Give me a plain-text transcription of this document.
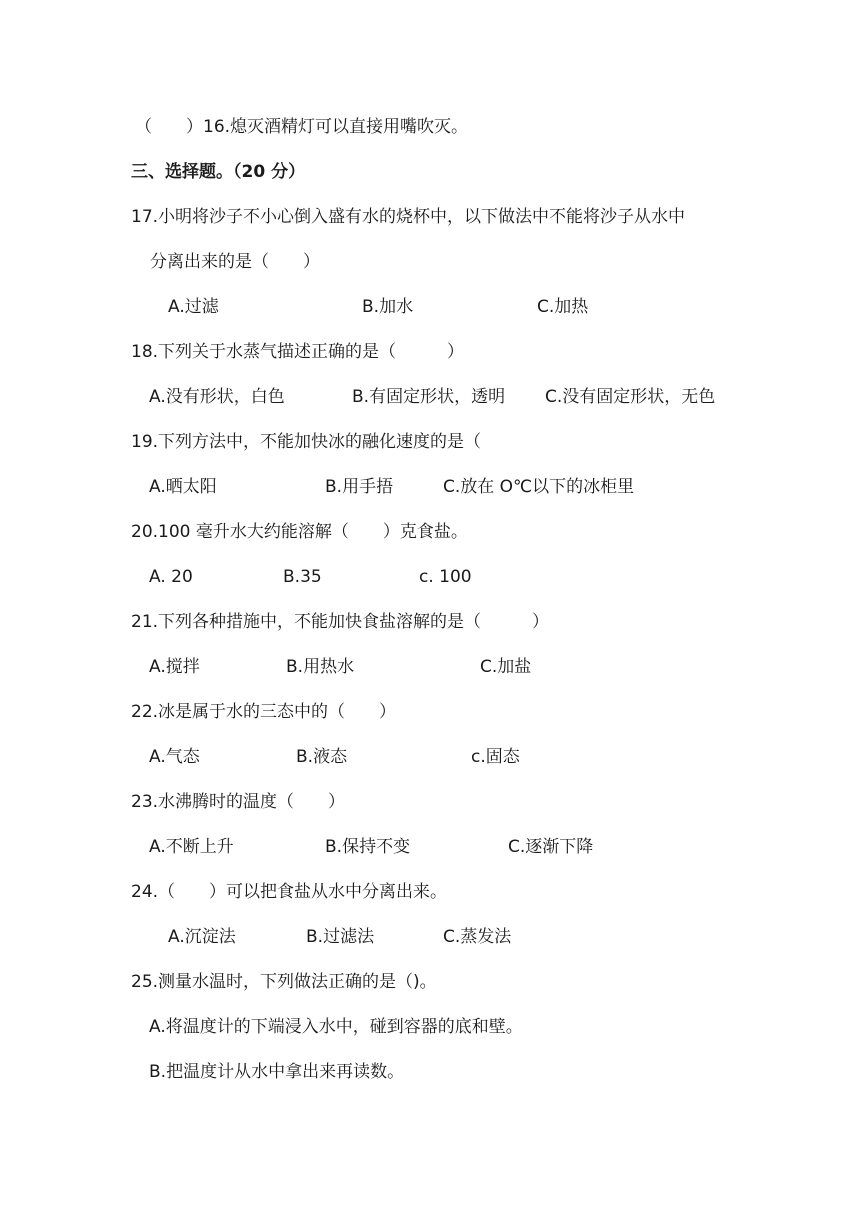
（　　）16.熄灭酒精灯可以直接用嘴吹灭。
三、选择题。（20 分）
17.小明将沙子不小心倒入盛有水的烧杯中，以下做法中不能将沙子从水中
分离出来的是（　　）
A.过滤	B.加水	C.加热
18.下列关于水蒸气描述正确的是（　　　）
A.没有形状，白色	B.有固定形状，透明 C.没有固定形状，无色
19.下列方法中，不能加快冰的融化速度的是（
A.晒太阳	B.用手捂	C.放在 O℃以下的冰柜里
20.100 毫升水大约能溶解（　　）克食盐。
A. 20	B.35	c. 100
21.下列各种措施中，不能加快食盐溶解的是（　　　）
A.搅拌	B.用热水	C.加盐
22.冰是属于水的三态中的（　　）
A.气态	B.液态	c.固态
23.水沸腾时的温度（　　）
A.不断上升	B.保持不变	C.逐渐下降
24.（　　）可以把食盐从水中分离出来。
A.沉淀法	B.过滤法	C.蒸发法
25.测量水温时，下列做法正确的是（)。
A.将温度计的下端浸入水中，碰到容器的底和壁。
B.把温度计从水中拿出来再读数。
